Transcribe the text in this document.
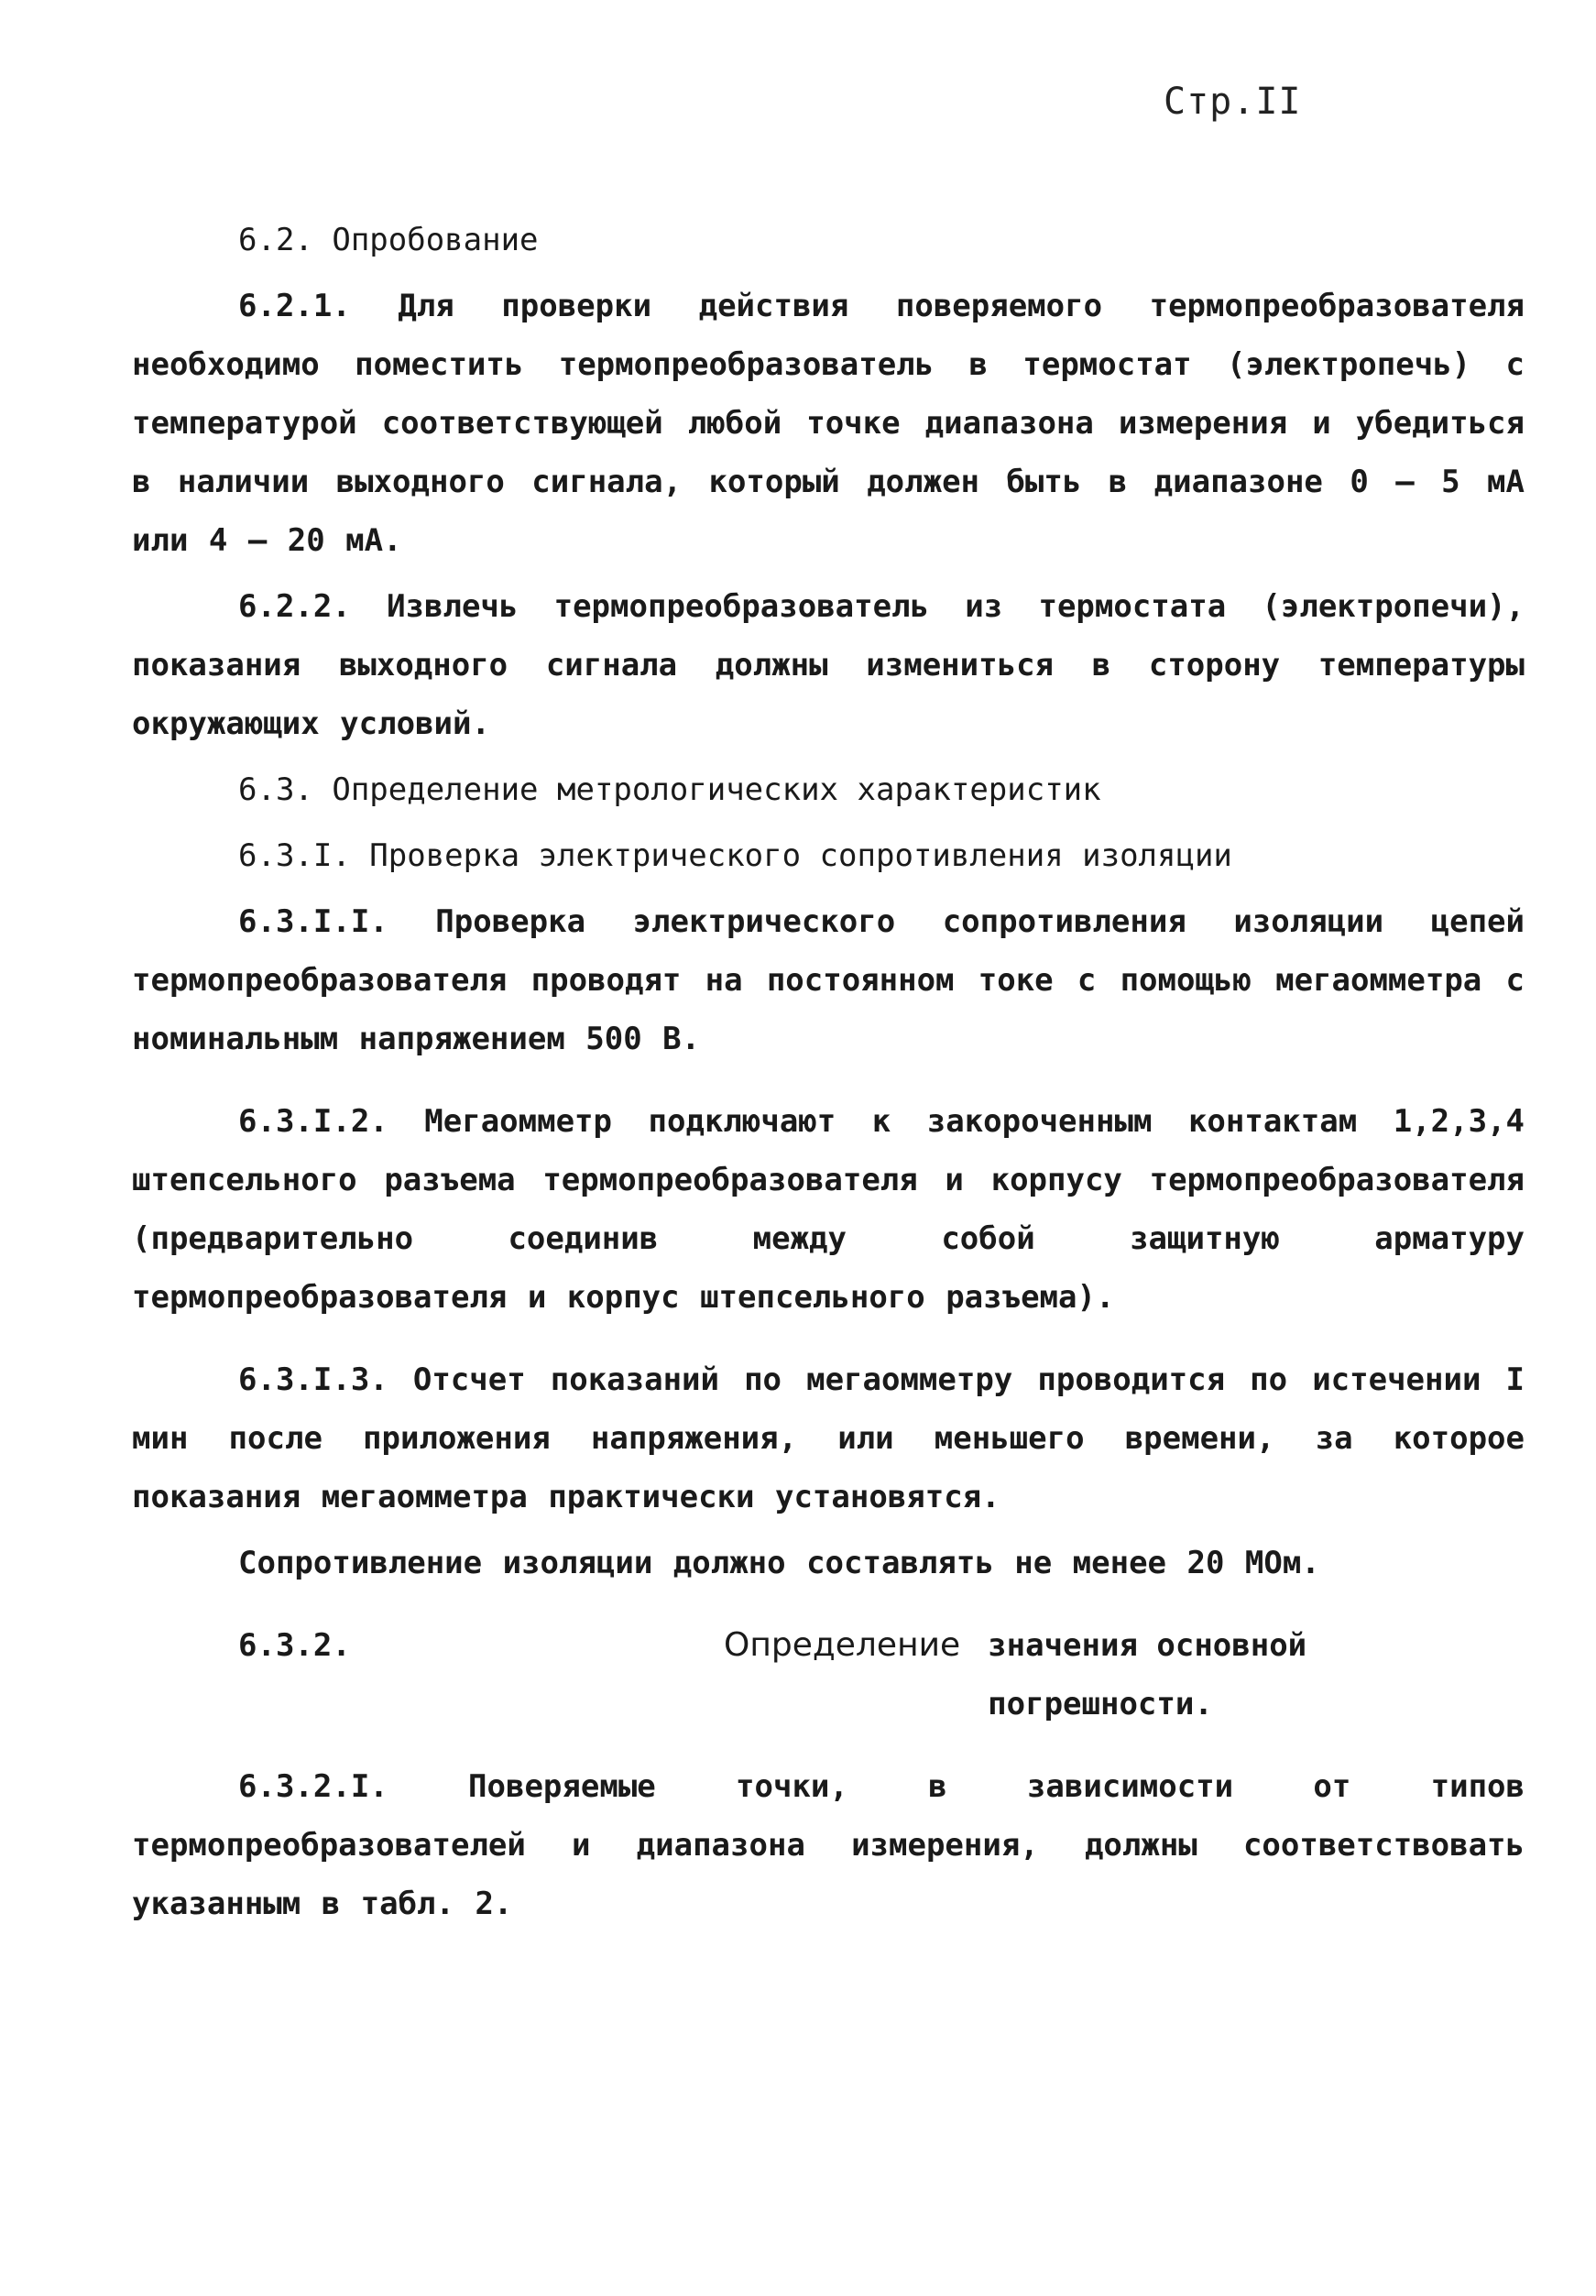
Стр.II

6.2. Опробование

6.2.1. Для проверки действия поверяемого термопреобразователя необходимо поместить термопреобразователь в термостат (электропечь) с температурой соответствующей любой точке диапазона измерения и убедиться в наличии выходного сигнала, который должен быть в диапазоне 0 – 5 мА или 4 – 20 мА.

6.2.2. Извлечь термопреобразователь из термостата (электропечи), показания выходного сигнала должны измениться в сторону температуры окружающих условий.

6.3. Определение метрологических характеристик

6.3.I. Проверка электрического сопротивления изоляции

6.3.I.I. Проверка электрического сопротивления изоляции цепей термопреобразователя проводят на постоянном токе с помощью мегаомметра с номинальным напряжением 500 В.

6.3.I.2. Мегаомметр подключают к закороченным контактам 1,2,3,4 штепсельного разъема термопреобразователя и корпусу термопреобразователя (предварительно соединив между собой защитную арматуру термопреобразователя и корпус штепсельного разъема).

6.3.I.3. Отсчет показаний по мегаомметру проводится по истечении I мин после приложения напряжения, или меньшего времени, за которое показания мегаомметра практически установятся.

Сопротивление изоляции должно составлять не менее 20 МОм.

6.3.2.	Определение значения основной погрешности.

6.3.2.I. Поверяемые точки, в зависимости от типов термопреобразователей и диапазона измерения, должны соответствовать указанным в табл. 2.
